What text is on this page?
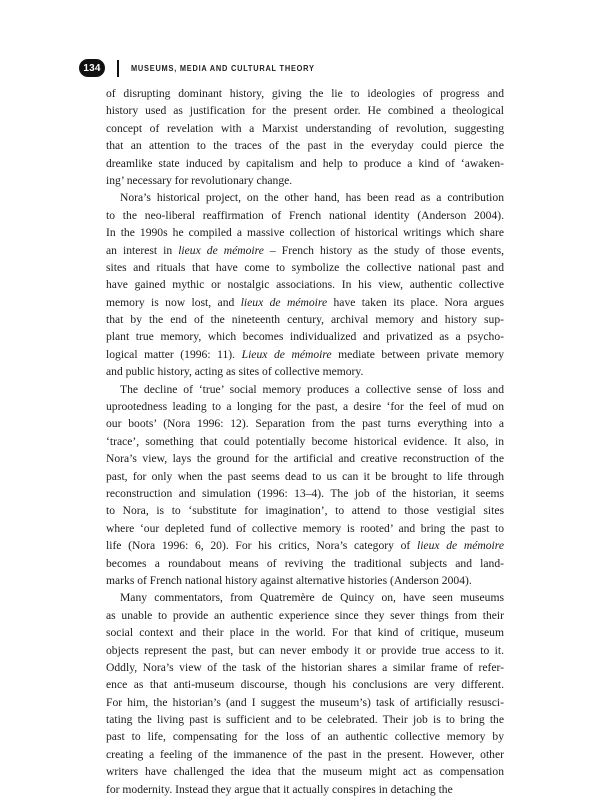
134	MUSEUMS, MEDIA AND CULTURAL THEORY
of disrupting dominant history, giving the lie to ideologies of progress and
history used as justification for the present order. He combined a theological
concept of revelation with a Marxist understanding of revolution, suggesting
that an attention to the traces of the past in the everyday could pierce the
dreamlike state induced by capitalism and help to produce a kind of ‘awaken-
ing’ necessary for revolutionary change.
Nora’s historical project, on the other hand, has been read as a contribution
to the neo-liberal reaffirmation of French national identity (Anderson 2004).
In the 1990s he compiled a massive collection of historical writings which share
an interest in lieux de mémoire – French history as the study of those events,
sites and rituals that have come to symbolize the collective national past and
have gained mythic or nostalgic associations. In his view, authentic collective
memory is now lost, and lieux de mémoire have taken its place. Nora argues
that by the end of the nineteenth century, archival memory and history sup-
plant true memory, which becomes individualized and privatized as a psycho-
logical matter (1996: 11). Lieux de mémoire mediate between private memory
and public history, acting as sites of collective memory.
The decline of ‘true’ social memory produces a collective sense of loss and
uprootedness leading to a longing for the past, a desire ‘for the feel of mud on
our boots’ (Nora 1996: 12). Separation from the past turns everything into a
‘trace’, something that could potentially become historical evidence. It also, in
Nora’s view, lays the ground for the artificial and creative reconstruction of the
past, for only when the past seems dead to us can it be brought to life through
reconstruction and simulation (1996: 13–4). The job of the historian, it seems
to Nora, is to ‘substitute for imagination’, to attend to those vestigial sites
where ‘our depleted fund of collective memory is rooted’ and bring the past to
life (Nora 1996: 6, 20). For his critics, Nora’s category of lieux de mémoire
becomes a roundabout means of reviving the traditional subjects and land-
marks of French national history against alternative histories (Anderson 2004).
Many commentators, from Quatremère de Quincy on, have seen museums
as unable to provide an authentic experience since they sever things from their
social context and their place in the world. For that kind of critique, museum
objects represent the past, but can never embody it or provide true access to it.
Oddly, Nora’s view of the task of the historian shares a similar frame of refer-
ence as that anti-museum discourse, though his conclusions are very different.
For him, the historian’s (and I suggest the museum’s) task of artificially resusci-
tating the living past is sufficient and to be celebrated. Their job is to bring the
past to life, compensating for the loss of an authentic collective memory by
creating a feeling of the immanence of the past in the present. However, other
writers have challenged the idea that the museum might act as compensation
for modernity. Instead they argue that it actually conspires in detaching the
